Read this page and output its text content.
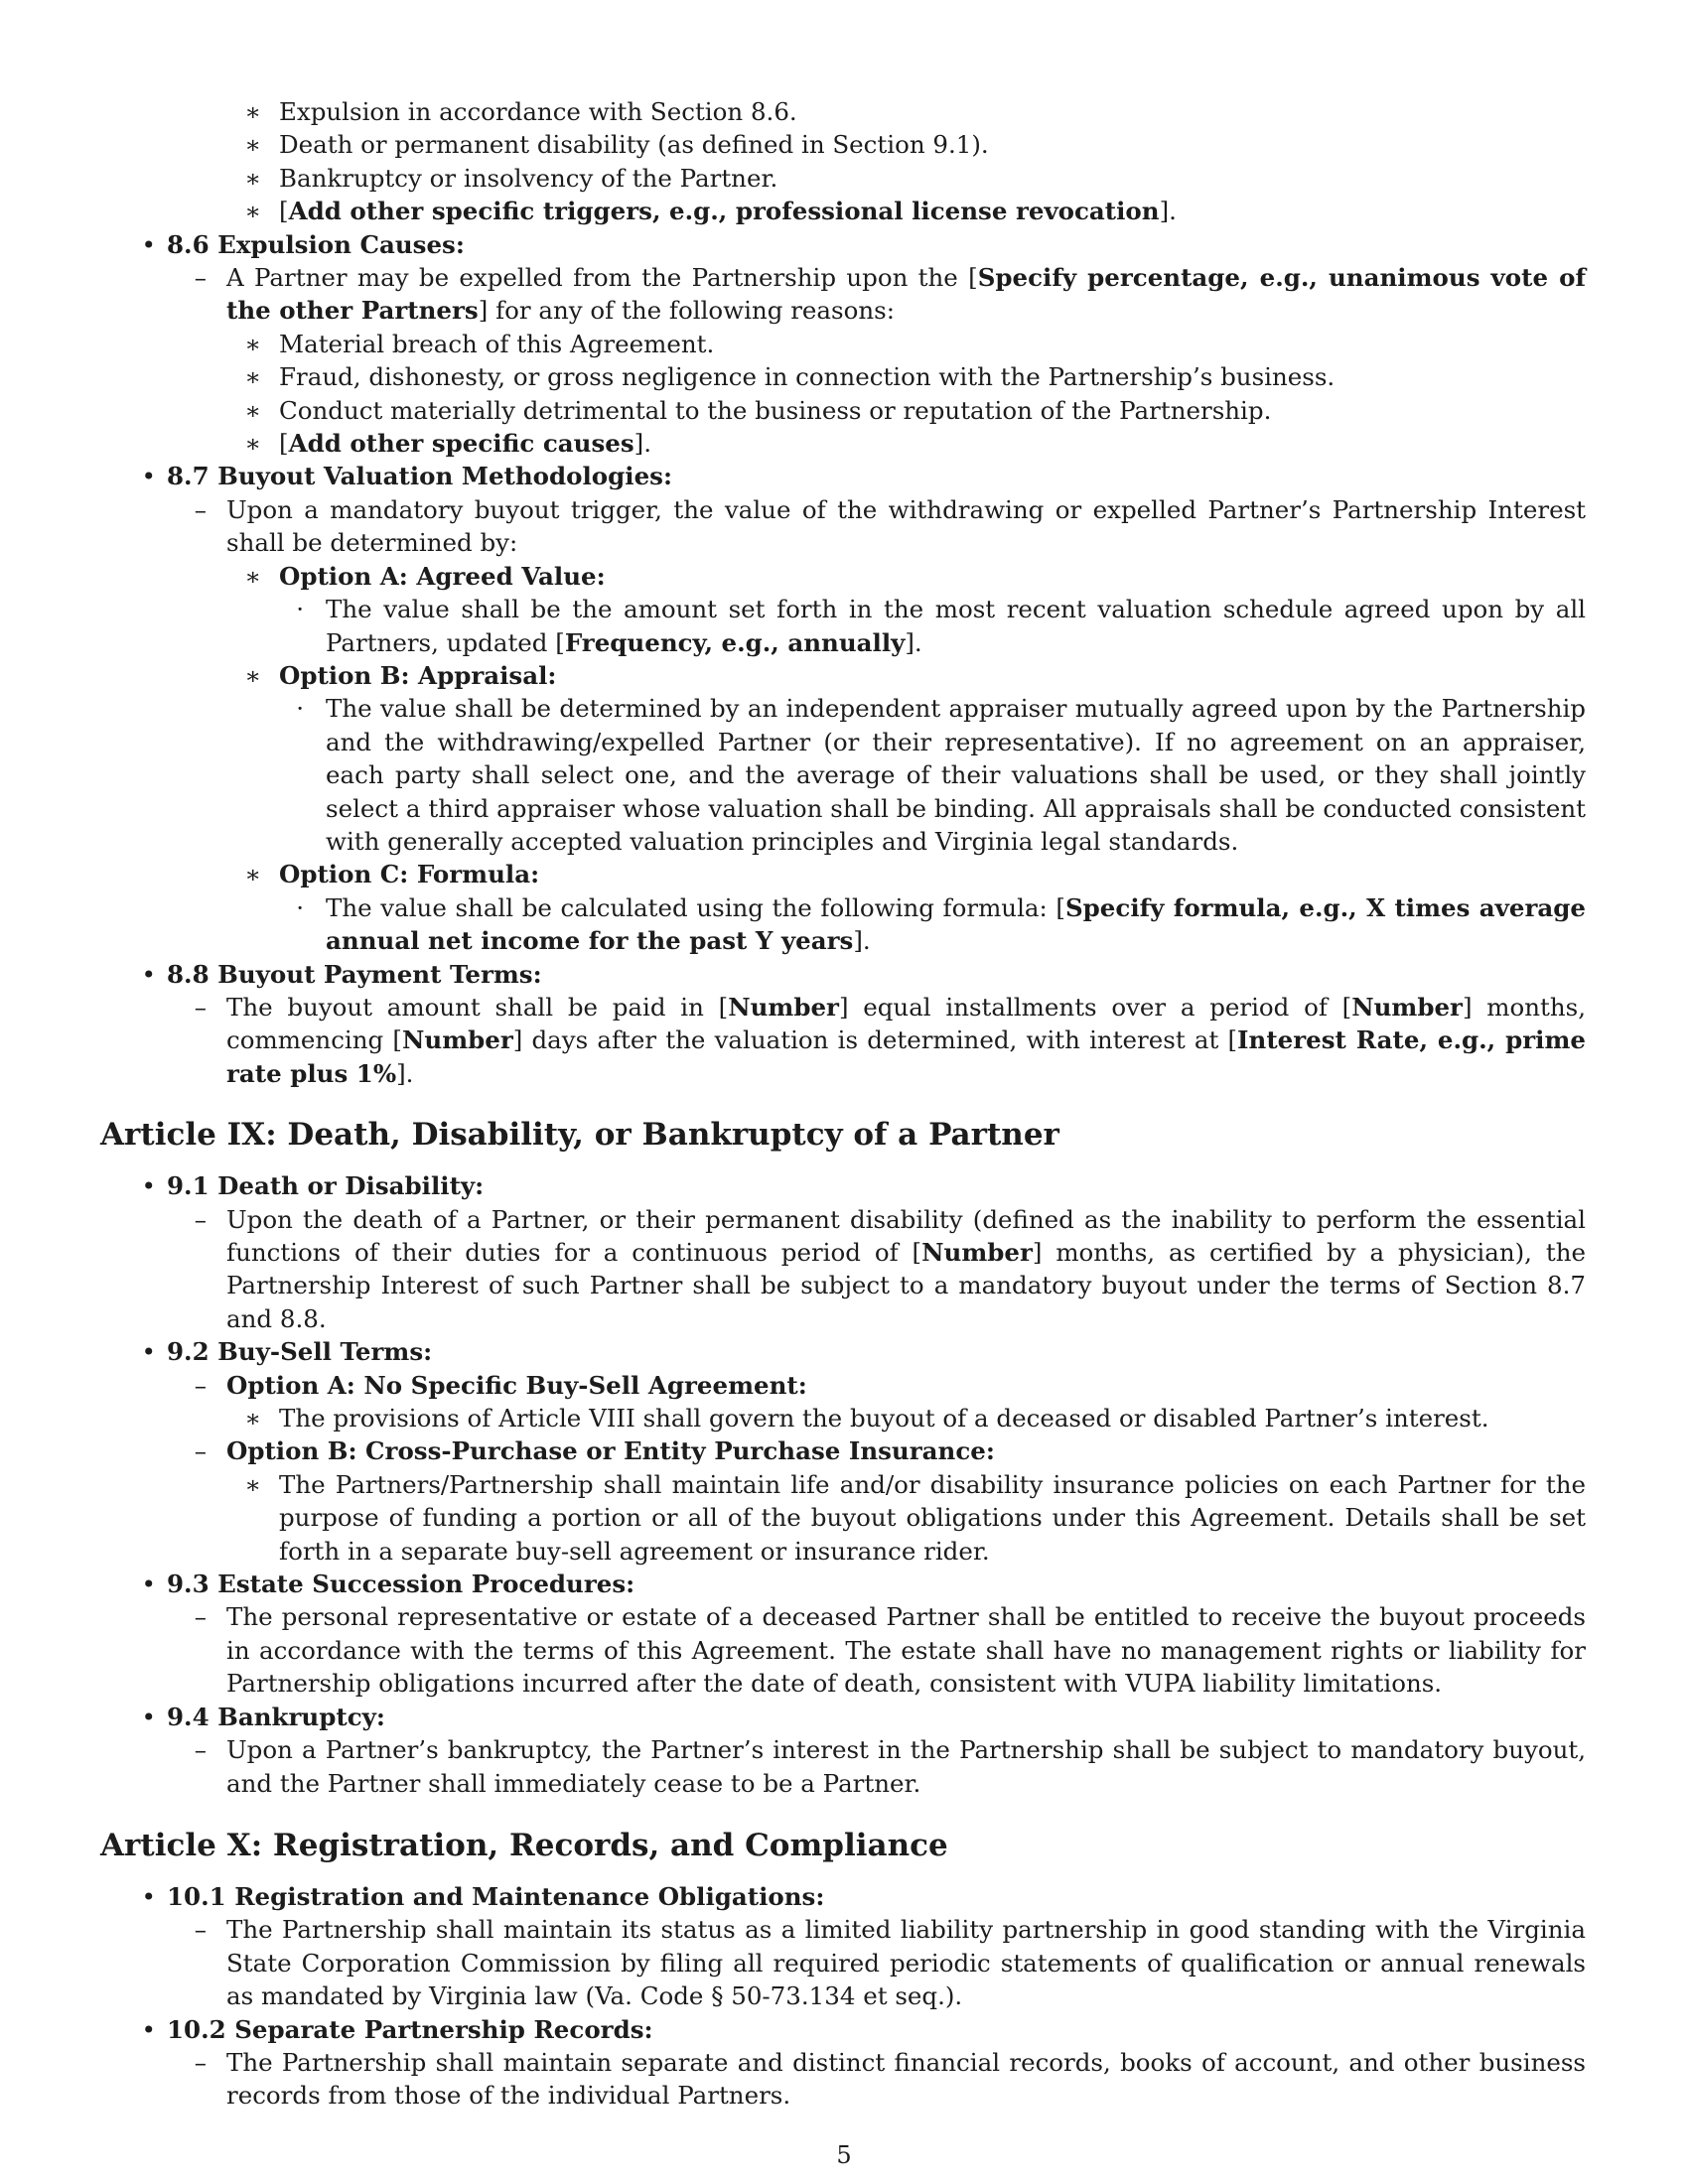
∗ Expulsion in accordance with Section 8.6.

∗ Death or permanent disability (as defined in Section 9.1).

∗ Bankruptcy or insolvency of the Partner.

∗ [Add other specific triggers, e.g., professional license revocation].

• 8.6 Expulsion Causes:

– A Partner may be expelled from the Partnership upon the [Specify percentage, e.g., unanimous vote of the other Partners] for any of the following reasons:

∗ Material breach of this Agreement.

∗ Fraud, dishonesty, or gross negligence in connection with the Partnership’s business.

∗ Conduct materially detrimental to the business or reputation of the Partnership.

∗ [Add other specific causes].

• 8.7 Buyout Valuation Methodologies:

– Upon a mandatory buyout trigger, the value of the withdrawing or expelled Partner’s Partnership Interest shall be determined by:

∗ Option A: Agreed Value:

· The value shall be the amount set forth in the most recent valuation schedule agreed upon by all Partners, updated [Frequency, e.g., annually].

∗ Option B: Appraisal:

· The value shall be determined by an independent appraiser mutually agreed upon by the Partnership and the withdrawing/expelled Partner (or their representative). If no agreement on an appraiser, each party shall select one, and the average of their valuations shall be used, or they shall jointly select a third appraiser whose valuation shall be binding. All appraisals shall be conducted consistent with generally accepted valuation principles and Virginia legal standards.

∗ Option C: Formula:

· The value shall be calculated using the following formula: [Specify formula, e.g., X times average annual net income for the past Y years].

• 8.8 Buyout Payment Terms:

– The buyout amount shall be paid in [Number] equal installments over a period of [Number] months, commencing [Number] days after the valuation is determined, with interest at [Interest Rate, e.g., prime rate plus 1%].

Article IX: Death, Disability, or Bankruptcy of a Partner
• 9.1 Death or Disability:

– Upon the death of a Partner, or their permanent disability (defined as the inability to perform the essential functions of their duties for a continuous period of [Number] months, as certified by a physician), the Partnership Interest of such Partner shall be subject to a mandatory buyout under the terms of Section 8.7 and 8.8.

• 9.2 Buy-Sell Terms:

– Option A: No Specific Buy-Sell Agreement:

∗ The provisions of Article VIII shall govern the buyout of a deceased or disabled Partner’s interest.

– Option B: Cross-Purchase or Entity Purchase Insurance:

∗ The Partners/Partnership shall maintain life and/or disability insurance policies on each Partner for the purpose of funding a portion or all of the buyout obligations under this Agreement. Details shall be set forth in a separate buy-sell agreement or insurance rider.

• 9.3 Estate Succession Procedures:

– The personal representative or estate of a deceased Partner shall be entitled to receive the buyout proceeds in accordance with the terms of this Agreement. The estate shall have no management rights or liability for Partnership obligations incurred after the date of death, consistent with VUPA liability limitations.

• 9.4 Bankruptcy:

– Upon a Partner’s bankruptcy, the Partner’s interest in the Partnership shall be subject to mandatory buyout, and the Partner shall immediately cease to be a Partner.

Article X: Registration, Records, and Compliance
• 10.1 Registration and Maintenance Obligations:

– The Partnership shall maintain its status as a limited liability partnership in good standing with the Virginia State Corporation Commission by filing all required periodic statements of qualification or annual renewals as mandated by Virginia law (Va. Code § 50-73.134 et seq.).

• 10.2 Separate Partnership Records:

– The Partnership shall maintain separate and distinct financial records, books of account, and other business records from those of the individual Partners.

5
